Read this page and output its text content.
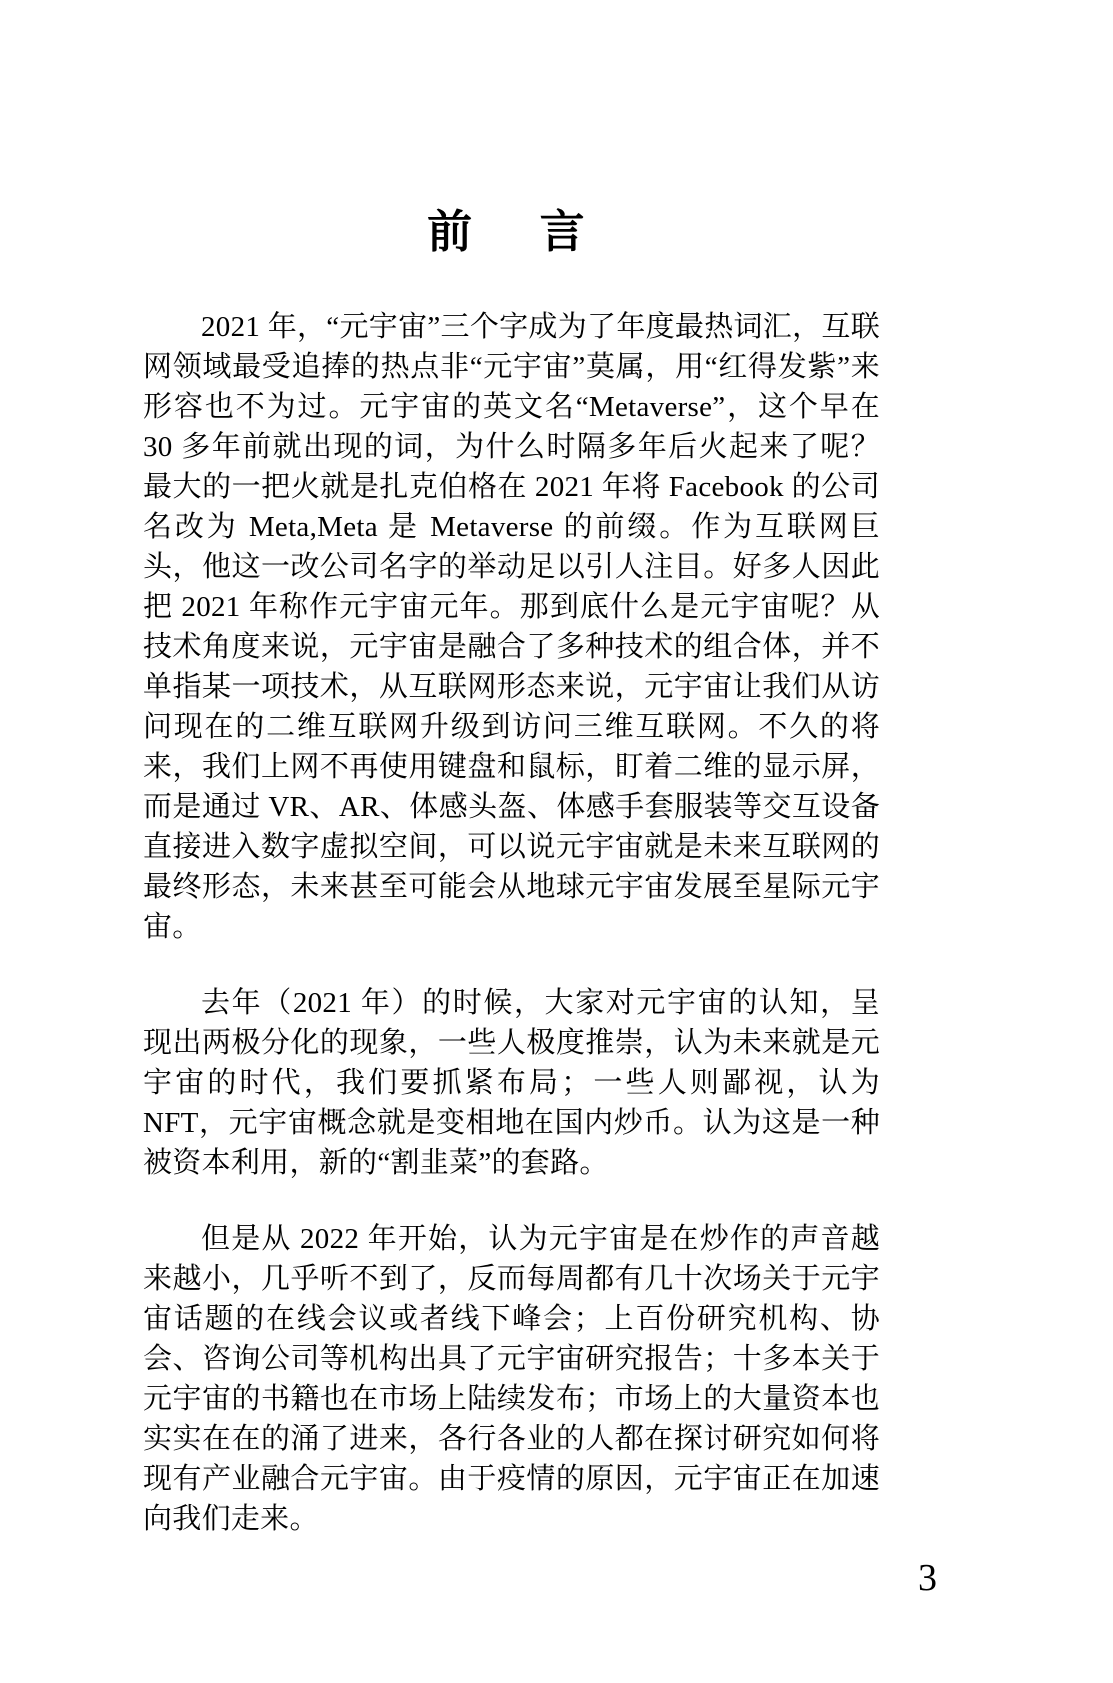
前　言

2021 年，“元宇宙”三个字成为了年度最热词汇，互联网领域最受追捧的热点非“元宇宙”莫属，用“红得发紫”来形容也不为过。元宇宙的英文名“Metaverse”，这个早在 30 多年前就出现的词，为什么时隔多年后火起来了呢？最大的一把火就是扎克伯格在 2021 年将 Facebook 的公司名改为 Meta,Meta 是 Metaverse 的前缀。作为互联网巨头，他这一改公司名字的举动足以引人注目。好多人因此把 2021 年称作元宇宙元年。那到底什么是元宇宙呢？从技术角度来说，元宇宙是融合了多种技术的组合体，并不单指某一项技术，从互联网形态来说，元宇宙让我们从访问现在的二维互联网升级到访问三维互联网。不久的将来，我们上网不再使用键盘和鼠标，盯着二维的显示屏，而是通过 VR、AR、体感头盔、体感手套服装等交互设备直接进入数字虚拟空间，可以说元宇宙就是未来互联网的最终形态，未来甚至可能会从地球元宇宙发展至星际元宇宙。

去年（2021 年）的时候，大家对元宇宙的认知，呈现出两极分化的现象，一些人极度推崇，认为未来就是元宇宙的时代，我们要抓紧布局；一些人则鄙视，认为 NFT，元宇宙概念就是变相地在国内炒币。认为这是一种被资本利用，新的“割韭菜”的套路。

但是从 2022 年开始，认为元宇宙是在炒作的声音越来越小，几乎听不到了，反而每周都有几十次场关于元宇宙话题的在线会议或者线下峰会；上百份研究机构、协会、咨询公司等机构出具了元宇宙研究报告；十多本关于元宇宙的书籍也在市场上陆续发布；市场上的大量资本也实实在在的涌了进来，各行各业的人都在探讨研究如何将现有产业融合元宇宙。由于疫情的原因，元宇宙正在加速向我们走来。

3
